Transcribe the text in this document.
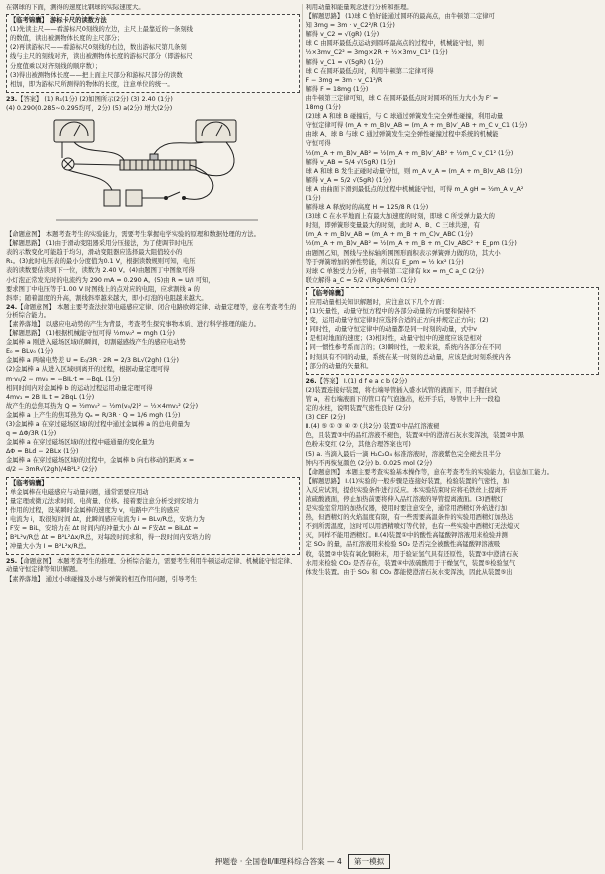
在钢球的下面，测得的速度比钢球的实际速度大。

【临考锦囊】 游标卡尺的读数方法

(1)先读主尺——看游标尺0刻线的左边，主尺上最靠近的一条刻线

的数值，读出被测物体长度的主尺部分；

(2)再读游标尺——看游标尺0刻线的右边，数出游标尺第几条刻

线与主尺的刻线对齐，读出被测物体长度的游标尺部分（即游标尺

分度值乘以对齐刻线的顺序数）；

(3)得出被测物体长度——把上面主尺部分和游标尺部分的读数

相加，即为游标尺所测得的物体的长度，注意单位的统一。

23.【答案】 (1) R₁(1分) (2)如图所示(2分) (3) 2.40 (1分)

(4) 0.290(0.285~0.295均可，2分) (5) a(2分) 增大(2分)

【命题意图】 本题考查考生的实验能力，需要考生掌握电学实验的原理和数据处理的方法。

【解题思路】 (1)由于滑动变阻器采用分压接法，为了使调节时电压

表的示数变化可能趋于均匀，滑动变阻器应选择最大阻值较小的

R₁。(3)此时电压表的最小分度值为0.1 V，根据读数规则可知，电压

表的读数要估读到下一位，读数为 2.40 V。(4)由题图丁中图象可得

小灯泡正常发光时的电流约为 290 mA = 0.290 A。(5)由 R = U/I 可知，

要求图丁中电压等于1.00 V 时图线上的点对应的电阻，应求割线 a 的

斜率；随着温度的升高，割线斜率越来越大，即小灯泡的电阻越来越大。

24.【命题意图】 本题主要考查法拉第电磁感应定律、闭合电路欧姆定律、动量定理等，意在考查考生的分析综合能力。

【素养落地】 以感应电动势的产生为背景，考查考生探究事物本质、进行科学推理的能力。

【解题思路】 (1)根据机械能守恒可得 ½mv₀² = mgh (1分)

金属棒 a 刚进入磁场区域Ⅰ的瞬间，切割磁感线产生的感应电动势

E₀ = BLv₀ (1分)

金属棒 a 两端电势差 U = E₀/3R · 2R = 2/3 BL√(2gh) (1分)

(2)金属棒 a 从进入区域Ⅰ到离开的过程，根据动量定理可得

m·v₀/2 − mv₀ = −BIL·t = −BqL (1分)

相同时间内对金属棒 b 的运动过程运用动量定理可得

4mv₁ = 2B IL t = 2BqL (1分)

故产生的总焦耳热为 Q = ½mv₀² − ½m(v₀/2)² − ½×4mv₁² (2分)

金属棒 a 上产生的焦耳热为 Qₐ = R/3R · Q = 1/6 mgh (1分)

(3)金属棒 a 在穿过磁场区域Ⅰ的过程中通过金属棒 a 的总电荷量为

q = ΔΦ/3R (1分)

金属棒 a 在穿过磁场区域Ⅰ的过程中磁通量的变化量为

ΔΦ = BLd − 2BLx (1分)

金属棒 a 在穿过磁场区域Ⅰ的过程中，金属棒 b 向右移动的距离 x =

d/2 − 3mR√(2gh)/4B²L² (2分)

【临考锦囊】

单金属棒在电磁感应与动量问题，通常需要应用动

量定理或微元法求时间、电荷量、位移。接着要注意分析受到安培力

作用的过程，设某瞬时金属棒的速度为 v，电路中产生的感应

电流为 i，取很短时间 Δt，此瞬间感应电流为 i = BLv/R总，安培力为

F安 = BiL，安培力在 Δt 时间内的冲量大小 ΔI = F安Δt = BiLΔt =

B²L²v/R总 Δt = B²L²Δx/R总，对每段时间求和，得一段时间内安培力的

冲量大小为 I = B²L²x/R总。

25.【命题意图】 本题考查考生的推理、分析综合能力，需要考生利用牛顿运动定律、机械能守恒定律、动量守恒定律等知识解题。

【素养落地】 通过小球碰撞及小球与弹簧的相互作用问题，引导考生

利用动量和能量观念进行分析和推理。

【解题思路】 (1)球 C 恰好能通过圆环的最高点，由牛顿第二定律可

知 3mg = 3m · v_C2²/R (1分)

解得 v_C2 = √(gR) (1分)

球 C 由圆环最低点运动到圆环最高点的过程中，机械能守恒，则

½×3mv_C2² = 3mg×2R + ½×3mv_C1² (1分)

解得 v_C1 = √(5gR) (1分)

球 C 在圆环最低点时，利用牛顿第二定律可得

F − 3mg = 3m · v_C1²/R

解得 F = 18mg (1分)

由牛顿第三定律可知，球 C 在圆环最低点时对圆环的压力大小为 F′ =

18mg (1分)

(2)球 A 和球 B 碰撞后，与 C 球通过弹簧发生完全弹性碰撞，利用动量

守恒定律可得 (m_A + m_B)v_AB = (m_A + m_B)v′_AB + m_C v_C1 (1分)

由球 A、球 B 与球 C 通过弹簧发生完全弹性碰撞过程中系统的机械能

守恒可得

½(m_A + m_B)v_AB² = ½(m_A + m_B)v′_AB² + ½m_C v_C1² (1分)

解得 v_AB = 5/4 √(5gR) (1分)

球 A 和球 B 发生正碰时动量守恒，则 m_A v_A = (m_A + m_B)v_AB (1分)

解得 v_A = 5/2 √(5gR) (1分)

球 A 由曲面下滑到最低点的过程中机械能守恒，可得 m_A gH = ½m_A v_A²

(1分)

解得球 A 释放时的高度 H = 125/8 R (1分)

(3)球 C 在水平地面上有最大加速度的时刻，即球 C 所受弹力最大的

时刻，即弹簧形变量最大的时刻，此时 A、B、C 三球共速，有

(m_A + m_B)v_AB = (m_A + m_B + m_C)v_ABC (1分)

½(m_A + m_B)v_AB² = ½(m_A + m_B + m_C)v_ABC² + E_pm (1分)

由题图乙知，图线与坐标轴所围图形面积表示弹簧弹力做的功，其大小

等于弹簧增加的弹性势能，所以有 E_pm = ½ kx² (1分)

对球 C 单独受力分析，由牛顿第二定律有 kx = m_C a_C (2分)

联立解得 a_C = 5/2 √(Rgk/6m) (1分)

【临考锦囊】

应用动量相关知识解题时，应注意以下几个方面：

(1)矢量性，动量守恒方程中的各部分动量的方向要和保持不

变，运用动量守恒定律时应选择合适的正方向并规定正方向；(2)

同时性，动量守恒定律中的动量都是同一时刻的动量，式中v

是相对地面的速度；(3)相对性，动量守恒中的速度应该是相对

同一惯性参考系而言的；(3)瞬时性，一般来说，系统内各部分在不同

时刻具有不同的动量，系统在某一时刻的总动量，应该是此时刻系统内各

部分的动量的矢量和。

26.【答案】 Ⅰ.(1) d f e a c b (2分)

(2)装置连接好装置，将右端导管插入盛水试管的液面下，用手握住试

管 a，若右端液面下的管口有气泡逸出，松开手后，导管中上升一段稳

定的水柱，说明装置气密性良好 (2分)

(3) CEF (2分)

Ⅱ.(4) ⑤ ① ③ ④ ② (共2分) 装置①中品红溶液褪

色，且装置③中的品红溶液不褪色，装置④中的澄清石灰水变浑浊，装置②中黑

色粉末变红 (2分，其他合理答案也可)

(5) a. 当滴入最后一滴 H₂C₂O₄ 标准溶液时，溶液紫色完全褪去且半分

钟内不再恢复颜色 (2分) b. 0.025 mol (2分)

【命题意图】 本题主要考查实验基本操作等，意在考查考生的实验能力，信息加工能力。

【解题思路】 Ⅰ.(1)实验的一般步骤是连接好装置，检验装置的气密性，加

入反应试剂，提供实验条件进行反应。本实验结束时应将毛铁丝上提离开

浓硫酸液面，停止加热前要将伸入品红溶液的导管提离液面。(3)酒精灯

是实验室常用的加热仪器，使用时要注意安全，通常用酒精灯外焰进行加

热，但酒精灯的火焰温度有限，有一些需要高温条件的实验用酒精灯加热达

不到所需温度，这时可以用酒精喷灯等代替，也有一些实验中酒精灯无法熄灭

灭，同样不能用酒精灯。Ⅱ.(4)装置①中的酸性高锰酸钾溶液用来检验并测

定 SO₂ 的量，品红溶液用来检验 SO₂ 是否完全被酸性高锰酸钾溶液吸

收，装置②中装有氧化铜粉末，用于验证氢气具有还原性，装置③中澄清石灰

水用来检验 CO₂ 是否存在，装置④中浓硫酸用于干燥氢气，装置⑤检验氢气

体发生装置。由于 SO₂ 和 CO₂ 都能使澄清石灰水变浑浊，因此从装置⑤出

押题卷 · 全国卷Ⅱ/Ⅲ理科综合答案 — 4	第一模拟
